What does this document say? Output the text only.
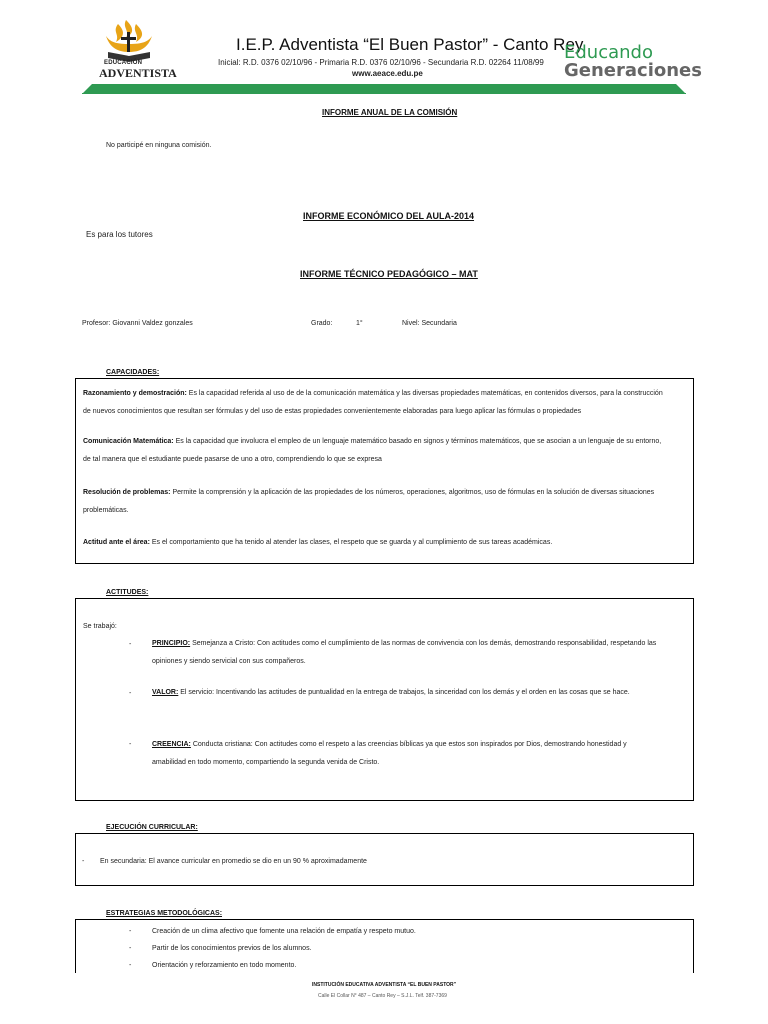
EDUCACIÓN
ADVENTISTA
I.E.P. Adventista “El Buen Pastor” - Canto Rey
Inicial: R.D. 0376 02/10/96 - Primaria R.D. 0376 02/10/96 - Secundaria R.D. 02264 11/08/99
www.aeace.edu.pe
Educando
Generaciones
INFORME ANUAL DE LA COMISIÓN
No participé en ninguna comisión.
INFORME ECONÓMICO DEL AULA-2014
Es para los tutores
INFORME TÉCNICO PEDAGÓGICO – MAT
Profesor: Giovanni Valdez gonzales	Grado:	1°	Nivel: Secundaria
CAPACIDADES:
Razonamiento y demostración: Es la capacidad referida al uso de de la comunicación matemática y las diversas propiedades matemáticas, en contenidos diversos, para la construcción
de nuevos conocimientos que resultan ser fórmulas y del uso de estas propiedades convenientemente elaboradas para luego aplicar las fórmulas o propiedades
Comunicación Matemática: Es la capacidad que involucra el empleo de un lenguaje matemático basado en signos y términos matemáticos, que se asocian a un lenguaje de su entorno,
de tal manera que el estudiante puede pasarse de uno a otro, comprendiendo lo que se expresa
Resolución de problemas: Permite la comprensión y la aplicación de las propiedades de los números, operaciones, algoritmos, uso de fórmulas en la solución de diversas situaciones
problemáticas.
Actitud ante el área: Es el comportamiento que ha tenido al atender las clases, el respeto que se guarda y al cumplimiento de sus tareas académicas.
ACTITUDES:
Se trabajó:
-	PRINCIPIO: Semejanza a Cristo: Con actitudes como el cumplimiento de las normas de convivencia con los demás, demostrando responsabilidad, respetando las
opiniones y siendo servicial con sus compañeros.
-	VALOR: El servicio: Incentivando las actitudes de puntualidad en la entrega de trabajos, la sinceridad con los demás y el orden en las cosas que se hace.
-	CREENCIA: Conducta cristiana: Con actitudes como el respeto a las creencias bíblicas ya que estos son inspirados por Dios, demostrando honestidad y
amabilidad en todo momento, compartiendo la segunda venida de Cristo.
EJECUCIÓN CURRICULAR:
- En secundaria: El avance curricular en promedio se dio en un 90 % aproximadamente
ESTRATEGIAS METODOLÓGICAS:
-	Creación de un clima afectivo que fomente una relación de empatía y respeto mutuo.
-	Partir de los conocimientos previos de los alumnos.
-	Orientación y reforzamiento en todo momento.
INSTITUCIÓN EDUCATIVA ADVENTISTA “EL BUEN PASTOR”
Calle El Collar N° 487 – Canto Rey – S.J.L. Telf. 387-7369
